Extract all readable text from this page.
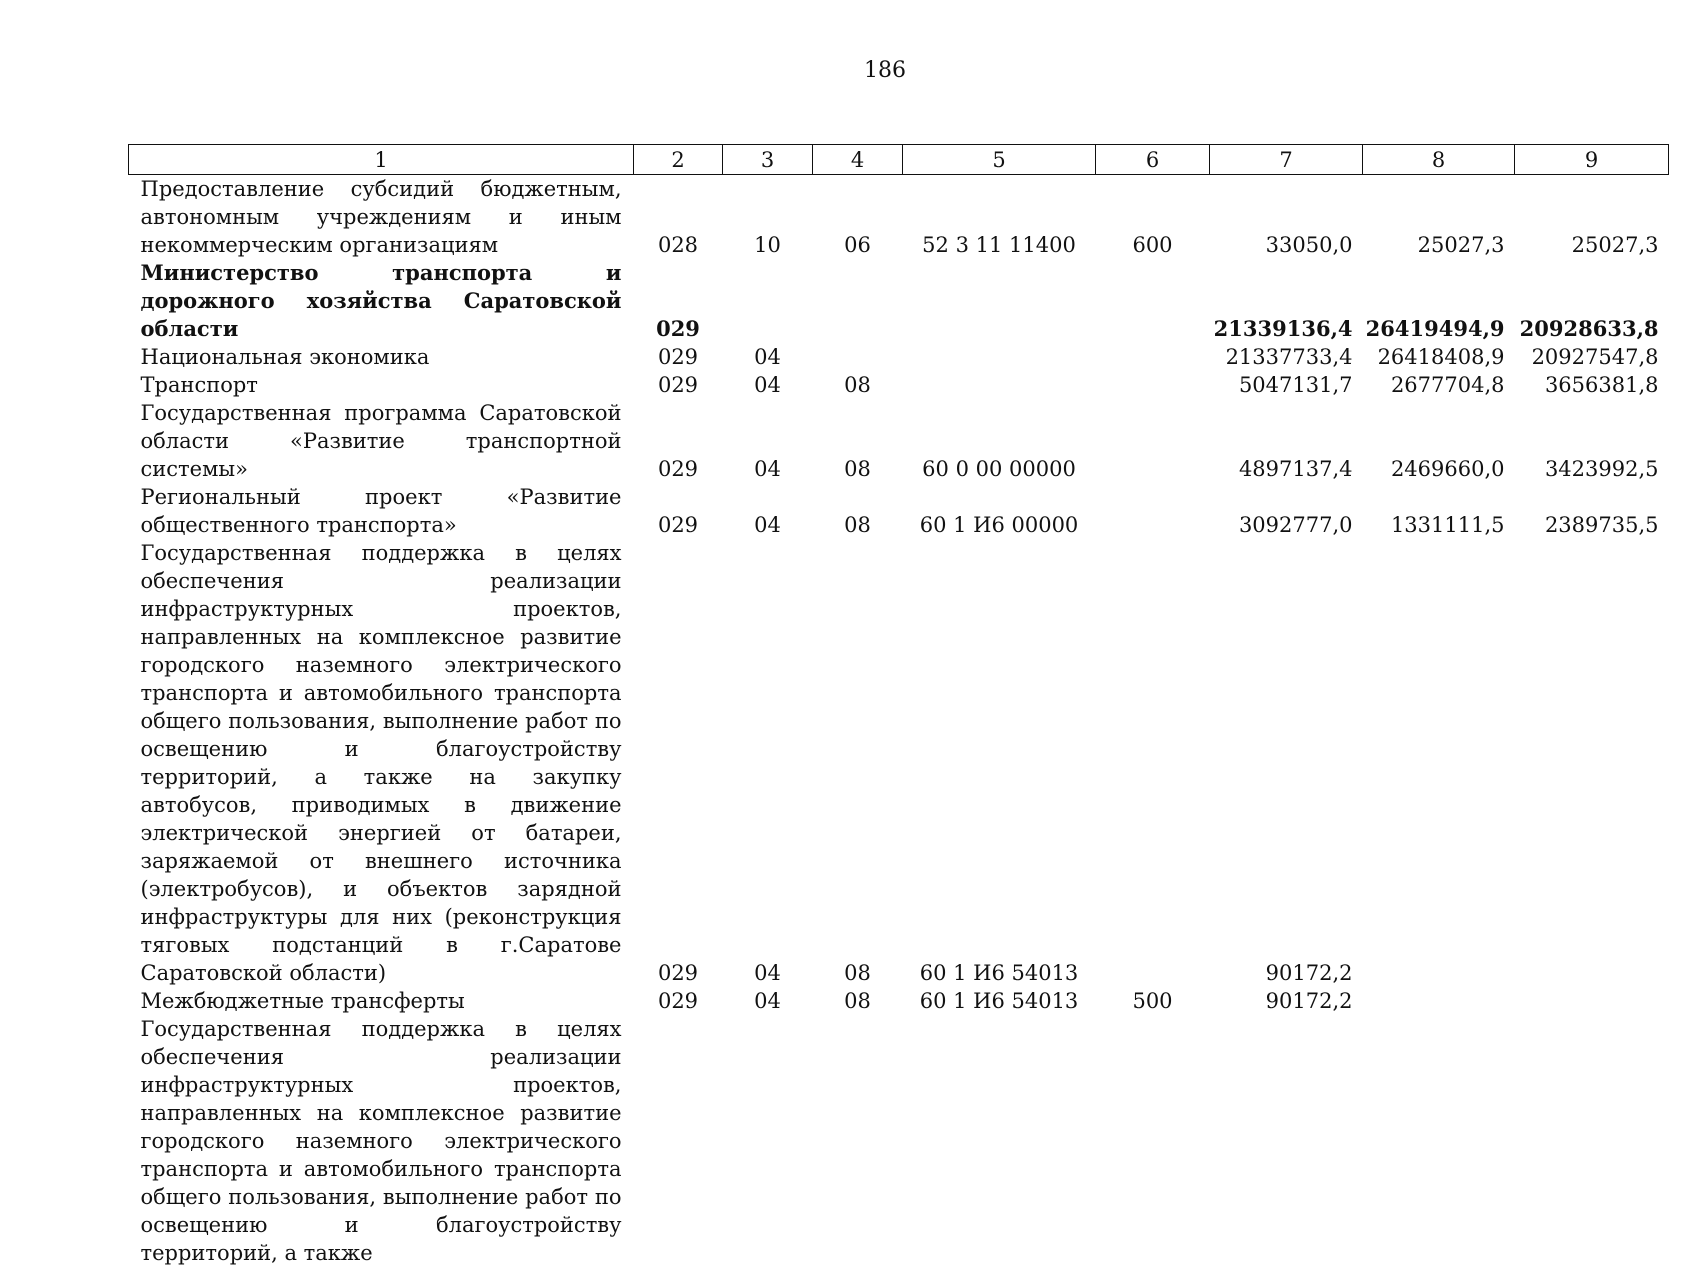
186
1	2	3	4	5	6	7	8	9
Предоставление субсидий бюджетным, автономным учреждениям и иным некоммерческим организациям	028	10	06	52 3 11 11400	600	33050,0	25027,3	25027,3
Министерство транспорта и дорожного хозяйства Саратовской области	029					21339136,4	26419494,9	20928633,8
Национальная экономика	029	04				21337733,4	26418408,9	20927547,8
Транспорт	029	04	08			5047131,7	2677704,8	3656381,8
Государственная программа Саратовской области «Развитие транспортной системы»	029	04	08	60 0 00 00000		4897137,4	2469660,0	3423992,5
Региональный проект «Развитие общественного транспорта»	029	04	08	60 1 И6 00000		3092777,0	1331111,5	2389735,5
Государственная поддержка в целях обеспечения реализации инфраструктурных проектов, направленных на комплексное развитие городского наземного электрического транспорта и автомобильного транспорта общего пользования, выполнение работ по освещению и благоустройству территорий, а также на закупку автобусов, приводимых в движение электрической энергией от батареи, заряжаемой от внешнего источника (электробусов), и объектов зарядной инфраструктуры для них (реконструкция тяговых подстанций в г.Саратове Саратовской области)	029	04	08	60 1 И6 54013		90172,2		
Межбюджетные трансферты	029	04	08	60 1 И6 54013	500	90172,2		
Государственная поддержка в целях обеспечения реализации инфраструктурных проектов, направленных на комплексное развитие городского наземного электрического транспорта и автомобильного транспорта общего пользования, выполнение работ по освещению и благоустройству территорий, а также								
